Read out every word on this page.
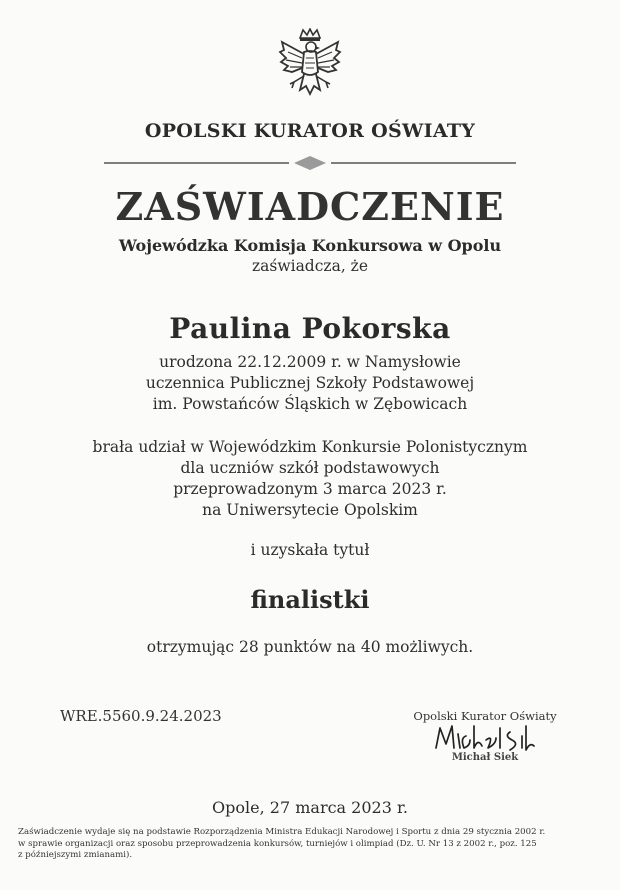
OPOLSKI KURATOR OŚWIATY
ZAŚWIADCZENIE
Wojewódzka Komisja Konkursowa w Opolu
zaświadcza, że
Paulina Pokorska
urodzona 22.12.2009 r. w Namysłowie
uczennica Publicznej Szkoły Podstawowej
im. Powstańców Śląskich w Zębowicach
brała udział w Wojewódzkim Konkursie Polonistycznym
dla uczniów szkół podstawowych
przeprowadzonym 3 marca 2023 r.
na Uniwersytecie Opolskim
i uzyskała tytuł
finalistki
otrzymując 28 punktów na 40 możliwych.
WRE.5560.9.24.2023	Opolski Kurator Oświaty
Michał Siek
Opole, 27 marca 2023 r.
Zaświadczenie wydaje się na podstawie Rozporządzenia Ministra Edukacji Narodowej i Sportu z dnia 29 stycznia 2002 r.
w sprawie organizacji oraz sposobu przeprowadzenia konkursów, turniejów i olimpiad (Dz. U. Nr 13 z 2002 r., poz. 125
z późniejszymi zmianami).
